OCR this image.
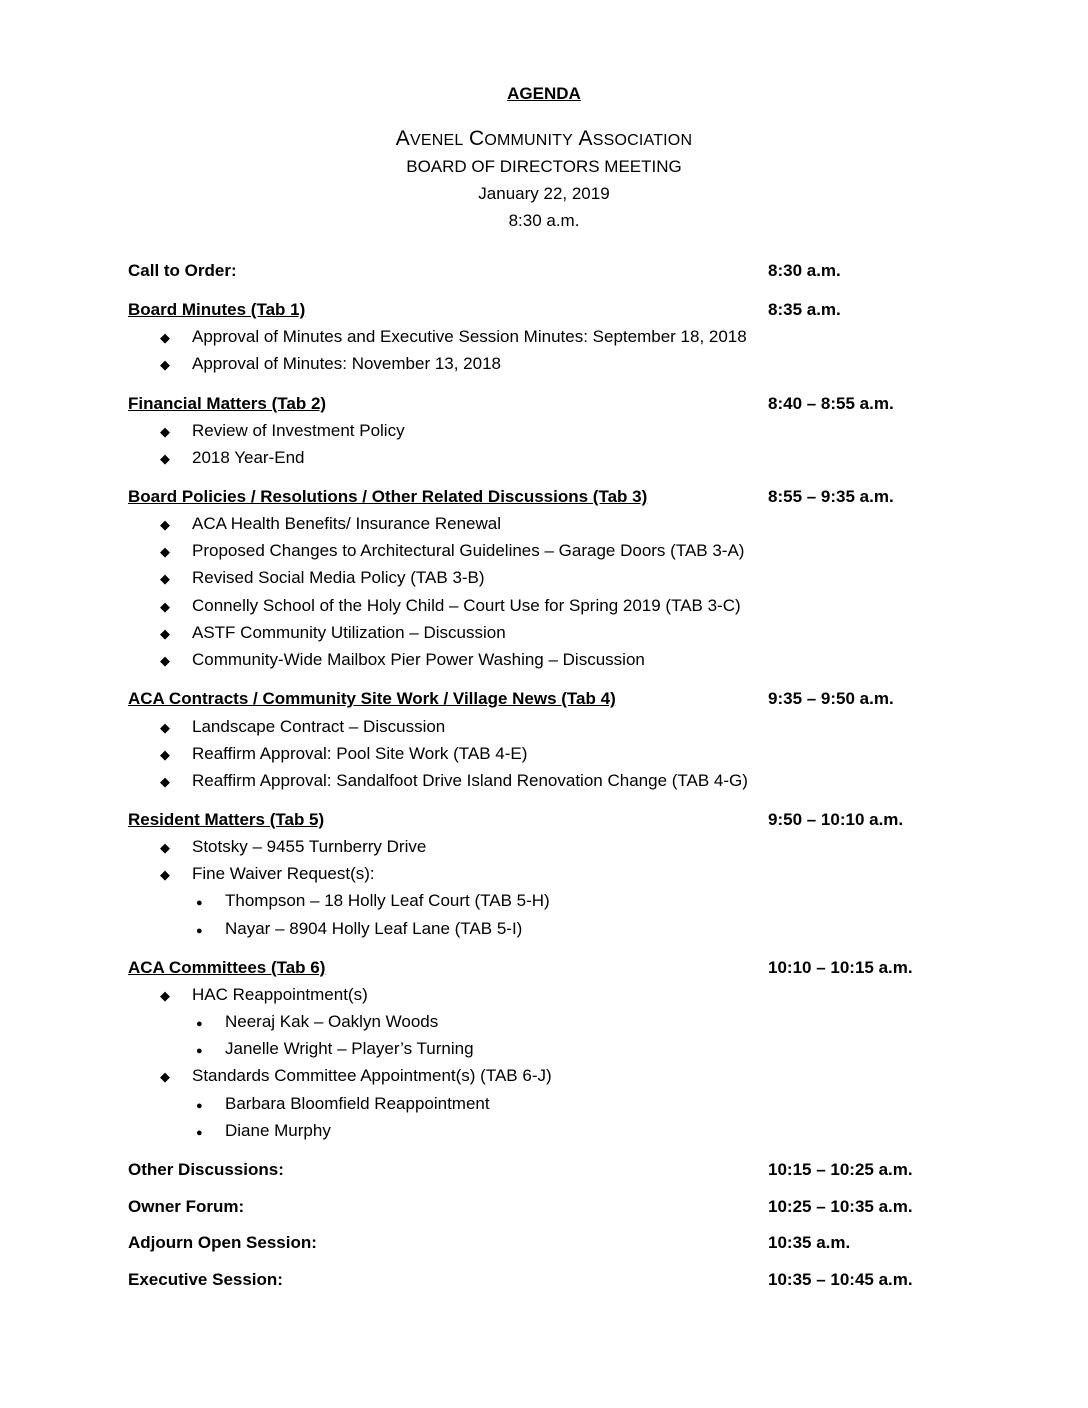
AGENDA
AVENEL COMMUNITY ASSOCIATION
BOARD OF DIRECTORS MEETING
January 22, 2019
8:30 a.m.
Call to Order:	8:30 a.m.
Board Minutes (Tab 1)	8:35 a.m.
◆ Approval of Minutes and Executive Session Minutes: September 18, 2018
◆ Approval of Minutes: November 13, 2018
Financial Matters (Tab 2)	8:40 – 8:55 a.m.
◆ Review of Investment Policy
◆ 2018 Year-End
Board Policies / Resolutions / Other Related Discussions (Tab 3)	8:55 – 9:35 a.m.
◆ ACA Health Benefits/ Insurance Renewal
◆ Proposed Changes to Architectural Guidelines – Garage Doors (TAB 3-A)
◆ Revised Social Media Policy (TAB 3-B)
◆ Connelly School of the Holy Child – Court Use for Spring 2019 (TAB 3-C)
◆ ASTF Community Utilization – Discussion
◆ Community-Wide Mailbox Pier Power Washing – Discussion
ACA Contracts / Community Site Work / Village News (Tab 4)	9:35 – 9:50 a.m.
◆ Landscape Contract – Discussion
◆ Reaffirm Approval: Pool Site Work (TAB 4-E)
◆ Reaffirm Approval: Sandalfoot Drive Island Renovation Change (TAB 4-G)
Resident Matters (Tab 5)	9:50 – 10:10 a.m.
◆ Stotsky – 9455 Turnberry Drive
◆ Fine Waiver Request(s):
● Thompson – 18 Holly Leaf Court (TAB 5-H)
● Nayar – 8904 Holly Leaf Lane (TAB 5-I)
ACA Committees (Tab 6)	10:10 – 10:15 a.m.
◆ HAC Reappointment(s)
● Neeraj Kak – Oaklyn Woods
● Janelle Wright – Player’s Turning
◆ Standards Committee Appointment(s) (TAB 6-J)
● Barbara Bloomfield Reappointment
● Diane Murphy
Other Discussions:	10:15 – 10:25 a.m.
Owner Forum:	10:25 – 10:35 a.m.
Adjourn Open Session:	10:35 a.m.
Executive Session:	10:35 – 10:45 a.m.
